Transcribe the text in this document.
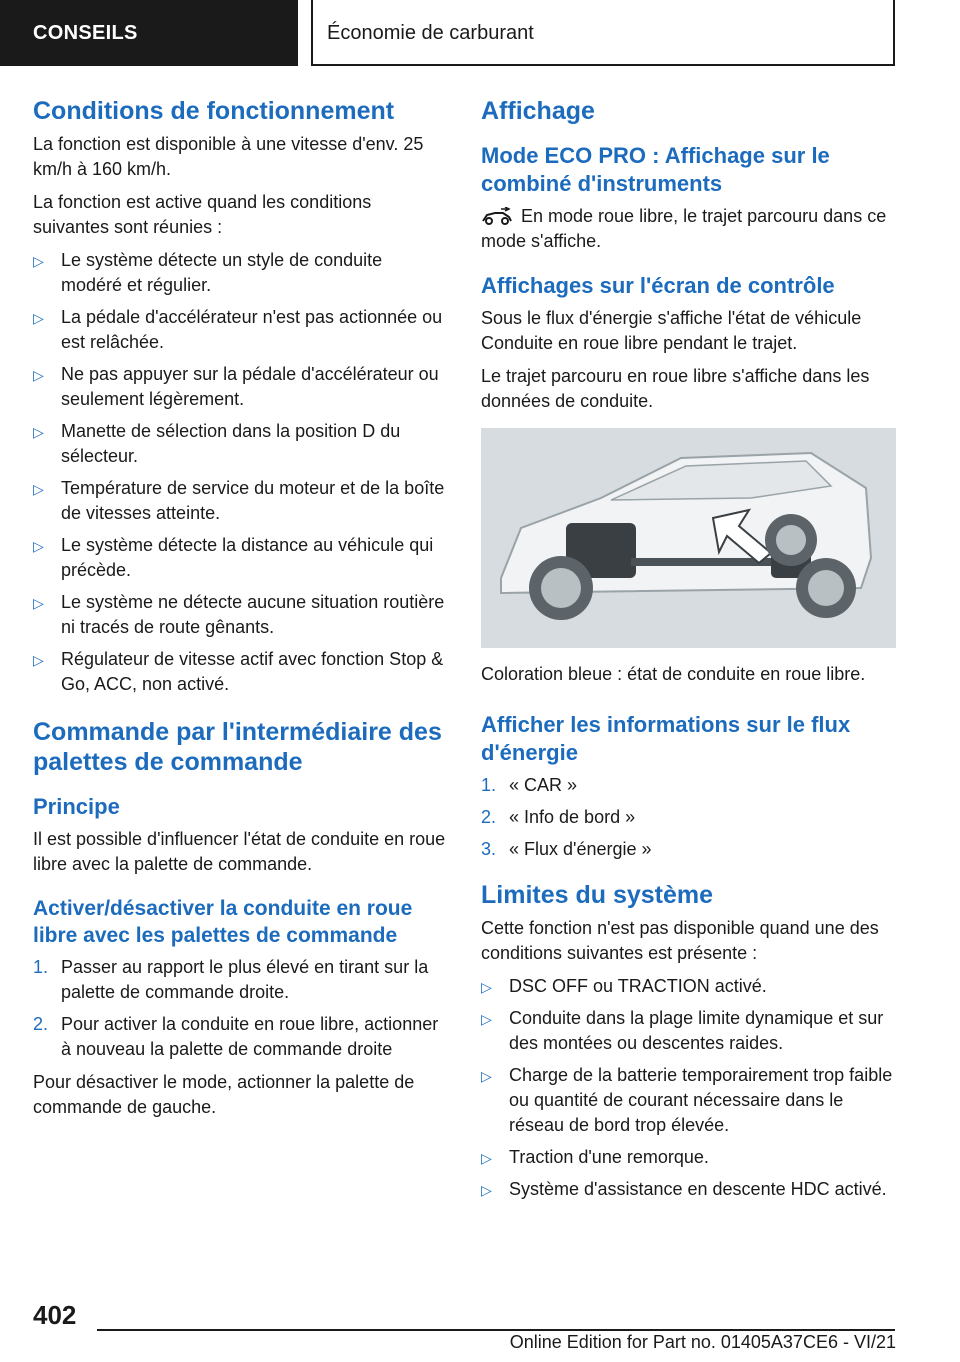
CONSEILS	Économie de carburant
Conditions de fonctionnement

La fonction est disponible à une vitesse d'env. 25 km/h à 160 km/h.

La fonction est active quand les conditions suivantes sont réunies :

▷ Le système détecte un style de conduite modéré et régulier.
▷ La pédale d'accélérateur n'est pas actionnée ou est relâchée.
▷ Ne pas appuyer sur la pédale d'accélérateur ou seulement légèrement.
▷ Manette de sélection dans la position D du sélecteur.
▷ Température de service du moteur et de la boîte de vitesses atteinte.
▷ Le système détecte la distance au véhicule qui précède.
▷ Le système ne détecte aucune situation routière ni tracés de route gênants.
▷ Régulateur de vitesse actif avec fonction Stop & Go, ACC, non activé.
Commande par l'intermédiaire des palettes de commande
Principe

Il est possible d'influencer l'état de conduite en roue libre avec la palette de commande.

Activer/désactiver la conduite en roue libre avec les palettes de commande
1. Passer au rapport le plus élevé en tirant sur la palette de commande droite.
2. Pour activer la conduite en roue libre, actionner à nouveau la palette de commande droite

Pour désactiver le mode, actionner la palette de commande de gauche.

Affichage
Mode ECO PRO : Affichage sur le combiné d'instruments

En mode roue libre, le trajet parcouru dans ce mode s'affiche.

Affichages sur l'écran de contrôle

Sous le flux d'énergie s'affiche l'état de véhicule Conduite en roue libre pendant le trajet.

Le trajet parcouru en roue libre s'affiche dans les données de conduite.

Coloration bleue : état de conduite en roue libre.

Afficher les informations sur le flux d'énergie
1. « CAR »
2. « Info de bord »
3. « Flux d'énergie »
Limites du système

Cette fonction n'est pas disponible quand une des conditions suivantes est présente :

▷ DSC OFF ou TRACTION activé.
▷ Conduite dans la plage limite dynamique et sur des montées ou descentes raides.
▷ Charge de la batterie temporairement trop faible ou quantité de courant nécessaire dans le réseau de bord trop élevée.
▷ Traction d'une remorque.
▷ Système d'assistance en descente HDC activé.
402
Online Edition for Part no. 01405A37CE6 - VI/21
